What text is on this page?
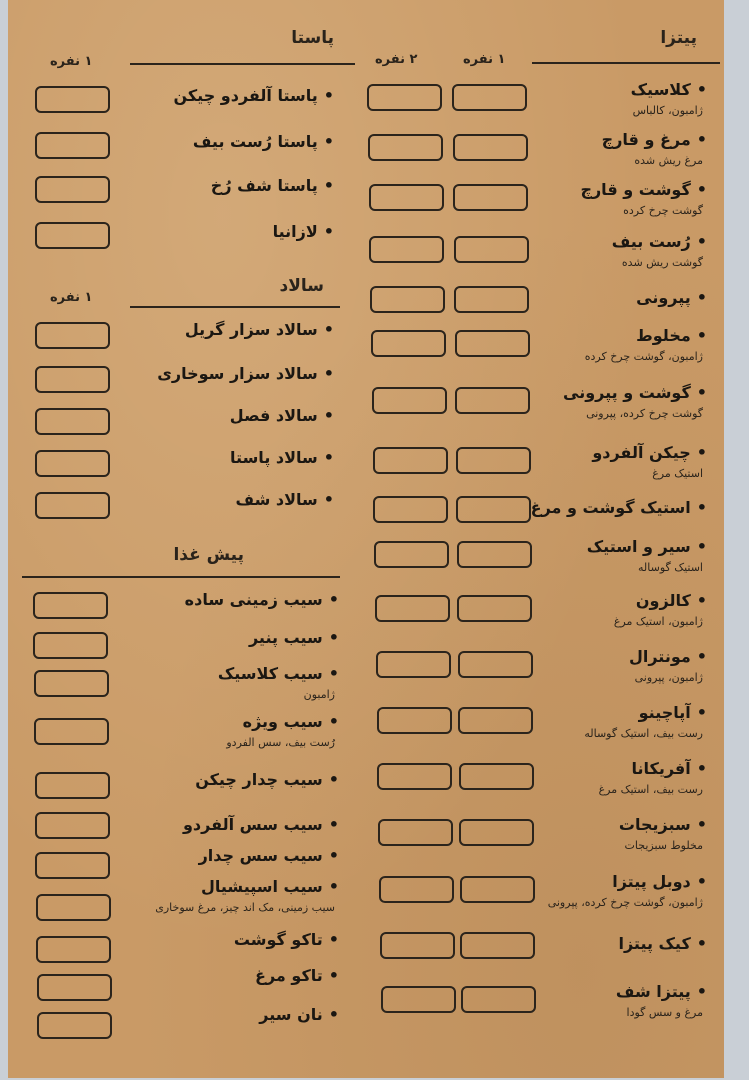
پیتزا
۱ نفره
۲ نفره
•کلاسیک
ژامبون، کالباس
•مرغ و قارچ
مرغ ریش شده
•گوشت و قارچ
گوشت چرخ کرده
•رُست بیف
گوشت ریش شده
•پپرونی
•مخلوط
ژامبون، گوشت چرخ کرده
•گوشت و پپرونی
گوشت چرخ کرده، پپرونی
•چیکن آلفردو
استیک مرغ
•استیک گوشت و مرغ
•سیر و استیک
استیک گوساله
•کالزون
ژامبون، استیک مرغ
•مونترال
ژامبون، پپرونی
•آپاچینو
رست بیف، استیک گوساله
•آفریکانا
رست بیف، استیک مرغ
•سبزیجات
مخلوط سبزیجات
•دوبل پیتزا
ژامبون، گوشت چرخ کرده، پپرونی
•کیک پیتزا
•پیتزا شف
مرغ و سس گودا
پاستا
۱ نفره
•پاستا آلفردو چیکن
•پاستا رُست بیف
•پاستا شف رُخ
•لازانیا
سالاد
۱ نفره
•سالاد سزار گریل
•سالاد سزار سوخاری
•سالاد فصل
•سالاد پاستا
•سالاد شف
پیش غذا
•سیب زمینی ساده
•سیب پنیر
•سیب کلاسیک
ژامبون
•سیب ویژه
رُست بیف، سس الفردو
•سیب چدار چیکن
•سیب سس آلفردو
•سیب سس چدار
•سیب اسپیشیال
سیب زمینی، مک اند چیز، مرغ سوخاری
•تاکو گوشت
•تاکو مرغ
•نان سیر
